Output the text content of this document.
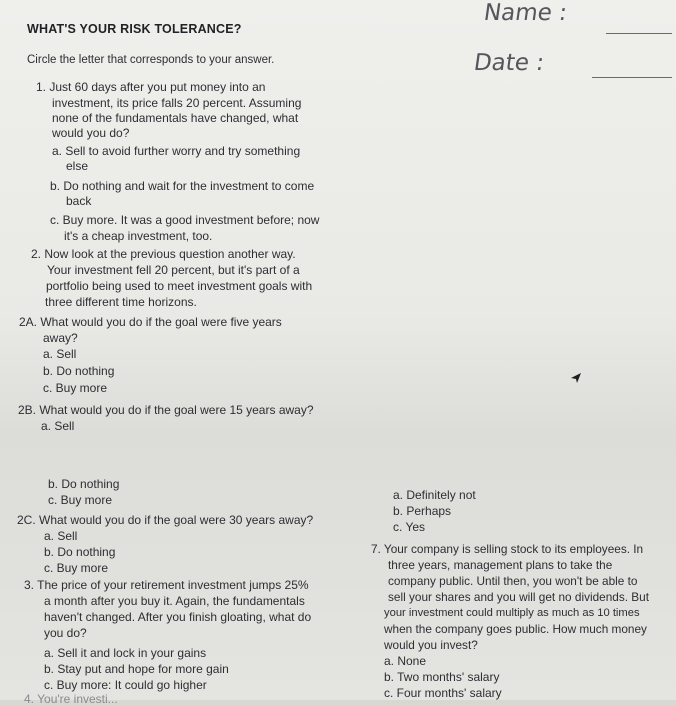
WHAT'S YOUR RISK TOLERANCE?
Circle the letter that corresponds to your answer.
Name :
Date :
1. Just 60 days after you put money into an
investment, its price falls 20 percent. Assuming
none of the fundamentals have changed, what
would you do?
a. Sell to avoid further worry and try something
else
b. Do nothing and wait for the investment to come
back
c. Buy more. It was a good investment before; now
it's a cheap investment, too.
2. Now look at the previous question another way.
Your investment fell 20 percent, but it's part of a
portfolio being used to meet investment goals with
three different time horizons.
2A. What would you do if the goal were five years
away?
a. Sell
b. Do nothing
c. Buy more
2B. What would you do if the goal were 15 years away?
a. Sell
b. Do nothing
c. Buy more
2C. What would you do if the goal were 30 years away?
a. Sell
b. Do nothing
c. Buy more
3. The price of your retirement investment jumps 25%
a month after you buy it. Again, the fundamentals
haven't changed. After you finish gloating, what do
you do?
a. Sell it and lock in your gains
b. Stay put and hope for more gain
c. Buy more: It could go higher
4. You're investi...
a. Definitely not
b. Perhaps
c. Yes
7. Your company is selling stock to its employees. In
three years, management plans to take the
company public. Until then, you won't be able to
sell your shares and you will get no dividends. But
your investment could multiply as much as 10 times
when the company goes public. How much money
would you invest?
a. None
b. Two months' salary
c. Four months' salary
